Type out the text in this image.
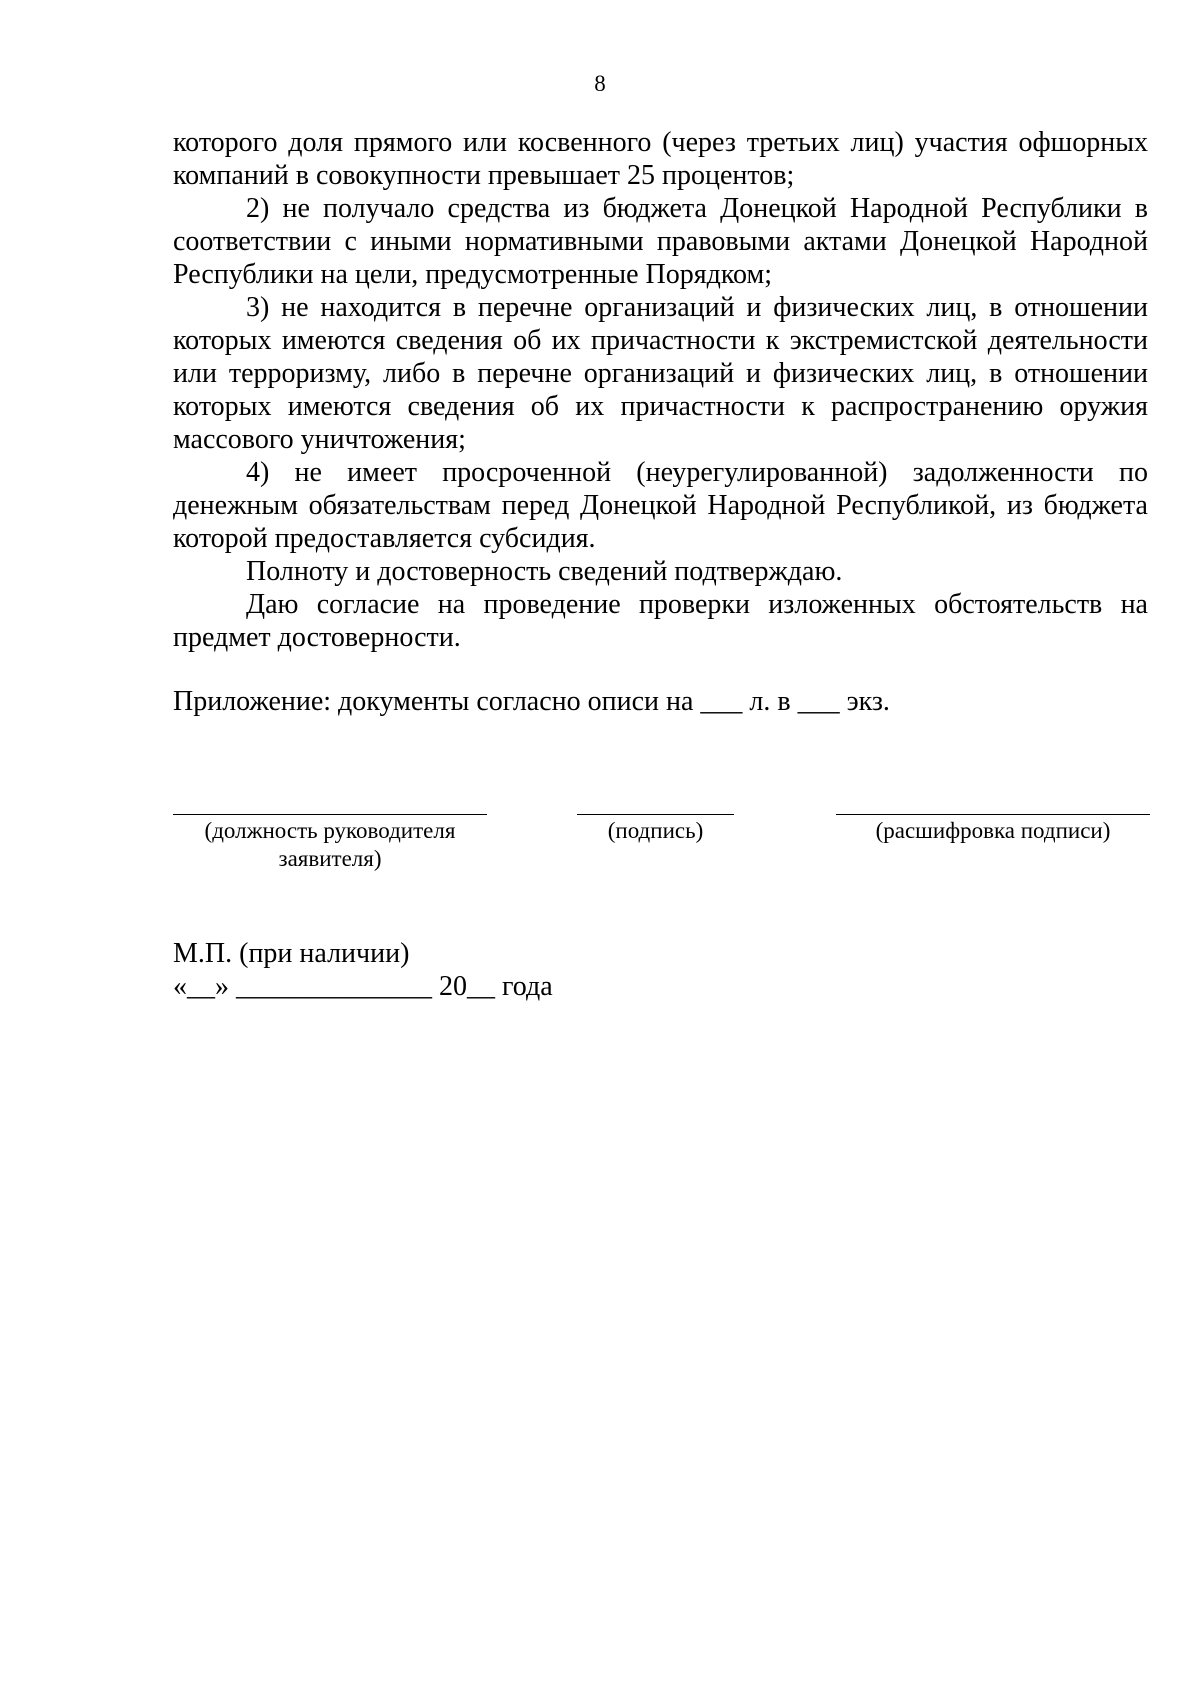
8

которого доля прямого или косвенного (через третьих лиц) участия офшорных компаний в совокупности превышает 25 процентов;

2) не получало средства из бюджета Донецкой Народной Республики в соответствии с иными нормативными правовыми актами Донецкой Народной Республики на цели, предусмотренные Порядком;

3) не находится в перечне организаций и физических лиц, в отношении которых имеются сведения об их причастности к экстремистской деятельности или терроризму, либо в перечне организаций и физических лиц, в отношении которых имеются сведения об их причастности к распространению оружия массового уничтожения;

4) не имеет просроченной (неурегулированной) задолженности по денежным обязательствам перед Донецкой Народной Республикой, из бюджета которой предоставляется субсидия.

Полноту и достоверность сведений подтверждаю.

Даю согласие на проведение проверки изложенных обстоятельств на предмет достоверности.

Приложение: документы согласно описи на ___ л. в ___ экз.
(должность руководителя заявителя)
(подпись)	(расшифровка подписи)
М.П. (при наличии)
«__» ______________ 20__ года
